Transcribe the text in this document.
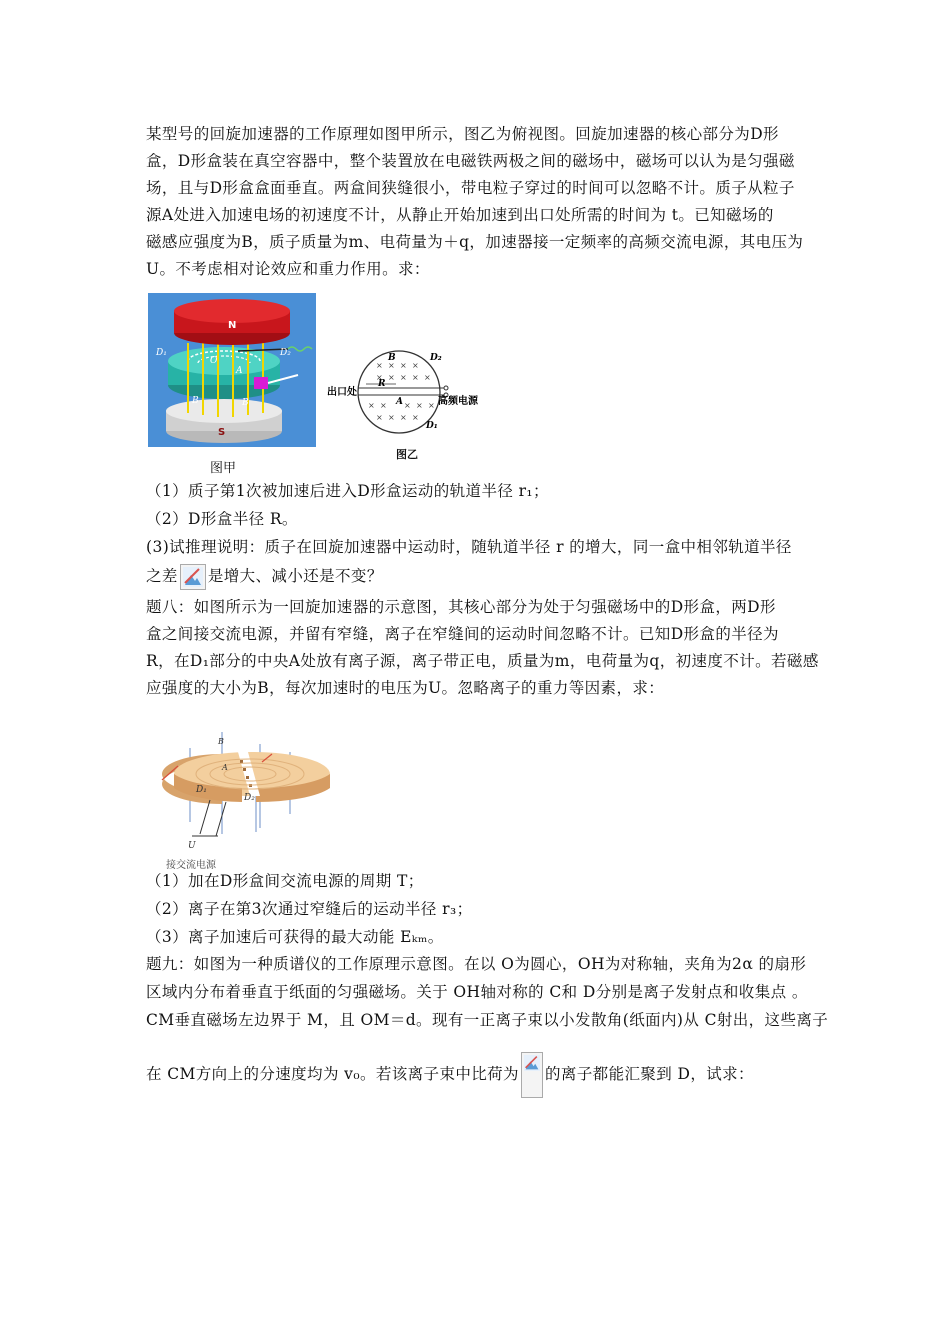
某型号的回旋加速器的工作原理如图甲所示，图乙为俯视图。回旋加速器的核心部分为D形
盒，D形盒装在真空容器中，整个装置放在电磁铁两极之间的磁场中，磁场可以认为是匀强磁
场，且与D形盒盒面垂直。两盒间狭缝很小，带电粒子穿过的时间可以忽略不计。质子从粒子
源A处进入加速电场的初速度不计，从静止开始加速到出口处所需的时间为 t。已知磁场的
磁感应强度为B，质子质量为m、电荷量为＋q，加速器接一定频率的高频交流电源，其电压为
U。不考虑相对论效应和重力作用。求：
N
S
D₁	D₂
O
A
B	B
图甲
× × × ×
× × × × ×
× × × × ×
× × × ×
B
R
A
D₂
D₁
出口处
高频电源
图乙
（1）质子第1次被加速后进入D形盒运动的轨道半径 r₁；
（2）D形盒半径 R。
(3)试推理说明：质子在回旋加速器中运动时，随轨道半径 r 的增大，同一盒中相邻轨道半径
之差 是增大、减小还是不变？
题八：如图所示为一回旋加速器的示意图，其核心部分为处于匀强磁场中的D形盒，两D形
盒之间接交流电源，并留有窄缝，离子在窄缝间的运动时间忽略不计。已知D形盒的半径为
R，在D₁部分的中央A处放有离子源，离子带正电，质量为m，电荷量为q，初速度不计。若磁感
应强度的大小为B，每次加速时的电压为U。忽略离子的重力等因素，求：
B
A
D₁
D₂
U
接交流电源
（1）加在D形盒间交流电源的周期 T；
（2）离子在第3次通过窄缝后的运动半径 r₃；
（3）离子加速后可获得的最大动能 Eₖₘ。
题九：如图为一种质谱仪的工作原理示意图。在以 O为圆心，OH为对称轴，夹角为2α 的扇形
区域内分布着垂直于纸面的匀强磁场。关于 OH轴对称的 C和 D分别是离子发射点和收集点 。
CM垂直磁场左边界于 M，且 OM＝d。现有一正离子束以小发散角(纸面内)从 C射出，这些离子
在 CM方向上的分速度均为 v₀。若该离子束中比荷为 的离子都能汇聚到 D，试求：
